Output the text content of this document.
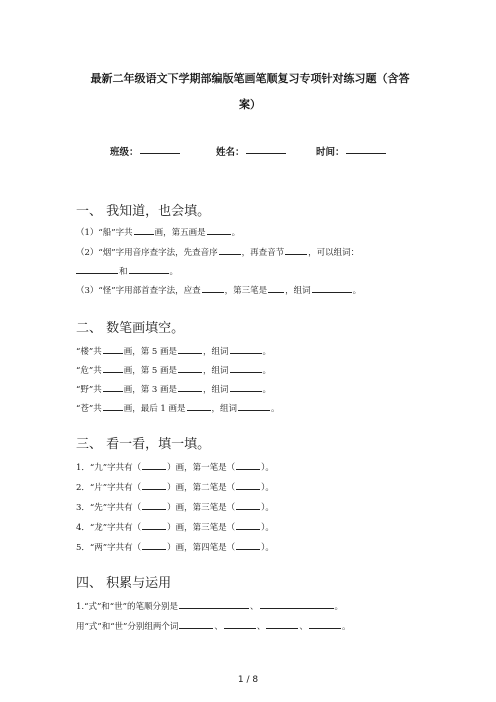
最新二年级语文下学期部编版笔画笔顺复习专项针对练习题（含答
案）
班级：	姓名：	时间：
一、 我知道，也会填。
（1）“船”字共	画，第五画是	。
（2）“烟”字用音序查字法，先查音序	，再查音节	，可以组词：
和	。
（3）“怪”字用部首查字法，应查	，第三笔是 ，组词	。
二、 数笔画填空。
“楼”共	画，第 5 画是	，组词	。
“危”共	画，第 5 画是	，组词	。
“野”共	画，第 3 画是	，组词	。
“苍”共	画，最后 1 画是	，组词	。
三、 看一看，填一填。
1．“九”字共有（	）画，第一笔是（	）。
2．“片”字共有（	）画，第二笔是（	）。
3．“先”字共有（	）画，第三笔是（	）。
4．“龙”字共有（	）画，第三笔是（	）。
5．“两”字共有（	）画，第四笔是（	）。
四、 积累与运用
1.“式”和“世”的笔顺分别是	、	。
用“式”和“世”分别组两个词	、	、	、	。
1 / 8
